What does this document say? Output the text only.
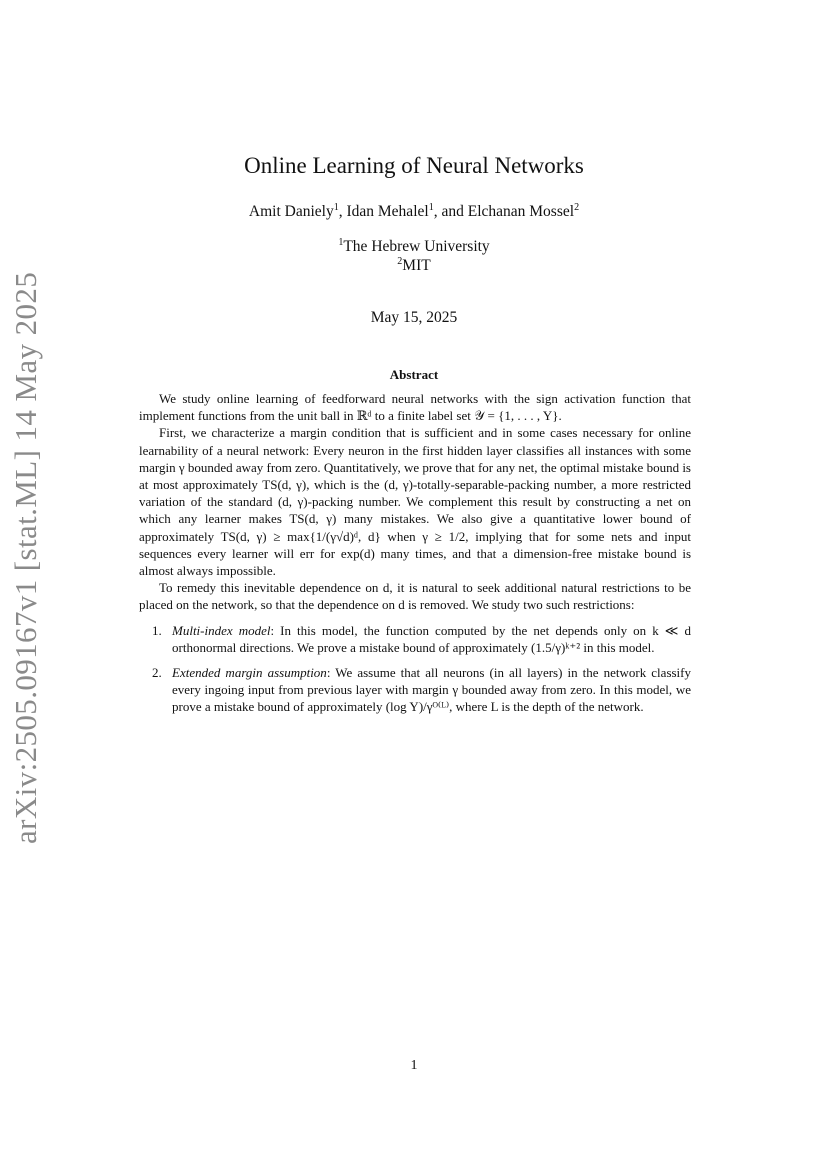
arXiv:2505.09167v1 [stat.ML] 14 May 2025
Online Learning of Neural Networks
Amit Daniely$^1$, Idan Mehalel$^1$, and Elchanan Mossel$^2$
$^1$The Hebrew University
$^2$MIT
May 15, 2025
Abstract

We study online learning of feedforward neural networks with the sign activation function that implement functions from the unit ball in ℝᵈ to a finite label set 𝒴 = {1, . . . , Y}.

First, we characterize a margin condition that is sufficient and in some cases necessary for online learnability of a neural network: Every neuron in the first hidden layer classifies all instances with some margin γ bounded away from zero. Quantitatively, we prove that for any net, the optimal mistake bound is at most approximately TS(d, γ), which is the (d, γ)-totally-separable-packing number, a more restricted variation of the standard (d, γ)-packing number. We complement this result by constructing a net on which any learner makes TS(d, γ) many mistakes. We also give a quantitative lower bound of approximately TS(d, γ) ≥ max{1/(γ√d)ᵈ, d} when γ ≥ 1/2, implying that for some nets and input sequences every learner will err for exp(d) many times, and that a dimension-free mistake bound is almost always impossible.

To remedy this inevitable dependence on d, it is natural to seek additional natural restrictions to be placed on the network, so that the dependence on d is removed. We study two such restrictions:

1. Multi-index model: In this model, the function computed by the net depends only on k ≪ d orthonormal directions. We prove a mistake bound of approximately (1.5/γ)ᵏ⁺² in this model.
2. Extended margin assumption: We assume that all neurons (in all layers) in the network classify every ingoing input from previous layer with margin γ bounded away from zero. In this model, we prove a mistake bound of approximately (log Y)/γᴼ⁽ᴸ⁾, where L is the depth of the network.
1
